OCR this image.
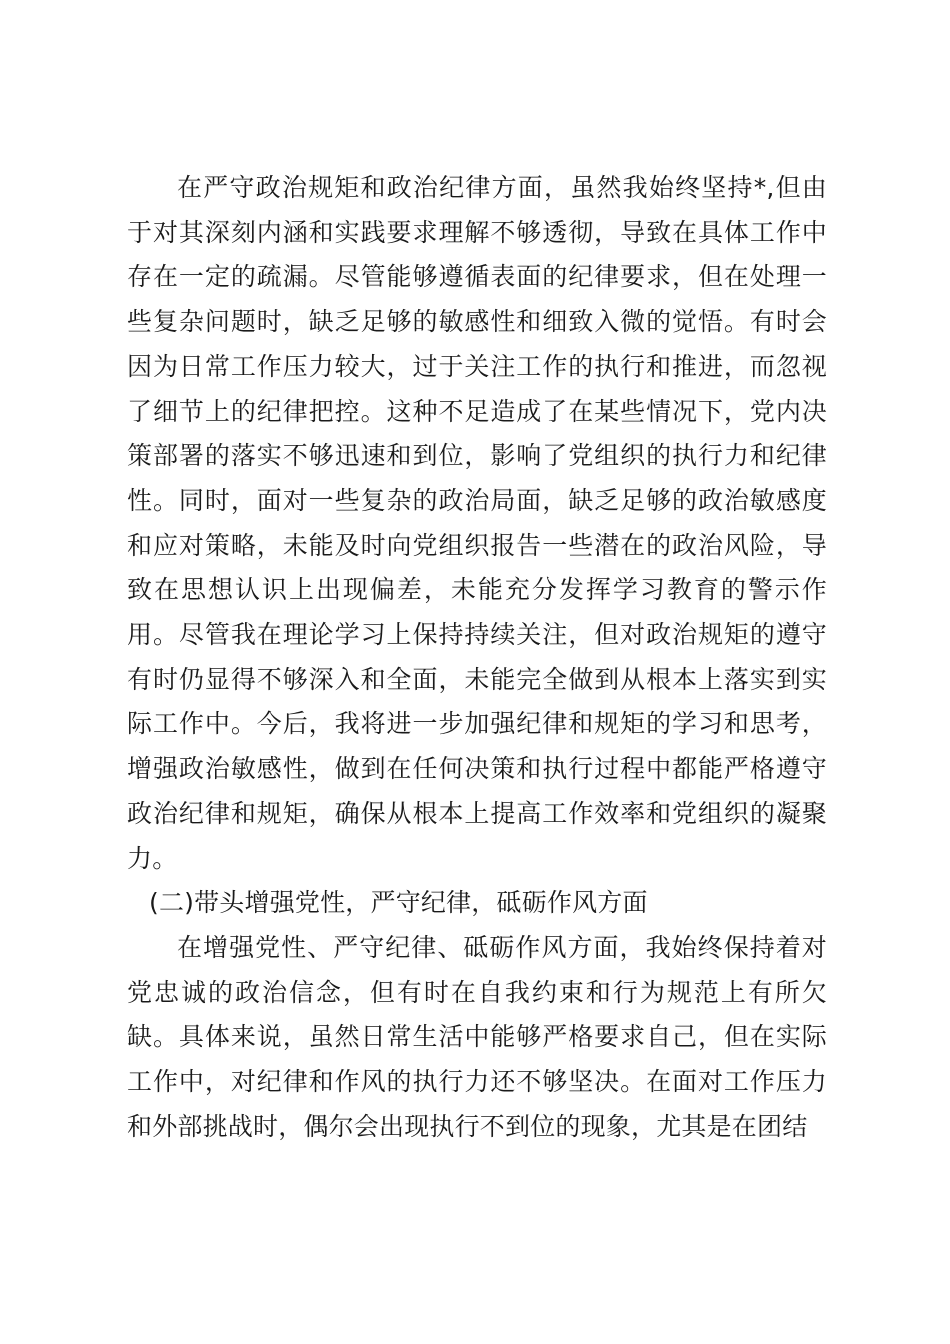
在严守政治规矩和政治纪律方面，虽然我始终坚持*,但由于对其深刻内涵和实践要求理解不够透彻，导致在具体工作中存在一定的疏漏。尽管能够遵循表面的纪律要求，但在处理一些复杂问题时，缺乏足够的敏感性和细致入微的觉悟。有时会因为日常工作压力较大，过于关注工作的执行和推进，而忽视了细节上的纪律把控。这种不足造成了在某些情况下，党内决策部署的落实不够迅速和到位，影响了党组织的执行力和纪律性。同时，面对一些复杂的政治局面，缺乏足够的政治敏感度和应对策略，未能及时向党组织报告一些潜在的政治风险，导致在思想认识上出现偏差，未能充分发挥学习教育的警示作用。尽管我在理论学习上保持持续关注，但对政治规矩的遵守有时仍显得不够深入和全面，未能完全做到从根本上落实到实际工作中。今后，我将进一步加强纪律和规矩的学习和思考，增强政治敏感性，做到在任何决策和执行过程中都能严格遵守政治纪律和规矩，确保从根本上提高工作效率和党组织的凝聚力。

(二)带头增强党性，严守纪律，砥砺作风方面

在增强党性、严守纪律、砥砺作风方面，我始终保持着对党忠诚的政治信念，但有时在自我约束和行为规范上有所欠缺。具体来说，虽然日常生活中能够严格要求自己，但在实际工作中，对纪律和作风的执行力还不够坚决。在面对工作压力和外部挑战时，偶尔会出现执行不到位的现象，尤其是在团结
